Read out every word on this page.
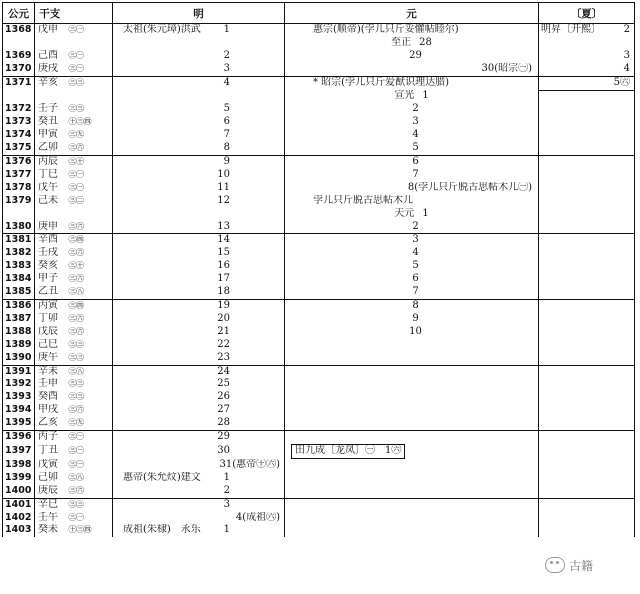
公元	干支		明	元	〔夏〕
1368	戊申	㊂㊀	太祖(朱元璋)洪武 1	惠宗(顺帝)(孛儿只斤妥懽帖睦尔)	明昇〔开熙〕 2

				至正 28	

1369	己酉	㊂㊀	2	29	3

1370	庚戌	㊂㊀	3	30(昭宗㊀)	4

1371	辛亥	㊂㊂	4	* 昭宗(孛儿只斤爱猷识理达腊)	5㊅

				宣光 1	

1372	壬子	㊂㊂	5	2	

1373	癸丑	㊉㊂㊃	6	3	

1374	甲寅	㊂㊈	7	4	

1375	乙卯	㊂㊅	8	5	

1376	丙辰	㊂㊉	9	6	

1377	丁巳	㊂㊀	10	7	

1378	戊午	㊂㊀	11	8(孛儿只斤脱古思帖木儿㊀)	

1379	己未	㊂㊁	12	孛儿只斤脱古思帖木儿	

				天元 1	

1380	庚申	㊂㊅	13	2	

1381	辛酉	㊂㊃	14	3	

1382	壬戌	㊂㊅	15	4	

1383	癸亥	㊂㊉	16	5	

1384	甲子	㊂㊅	17	6	

1385	乙丑	㊂㊇	18	7	

1386	丙寅	㊂㊃	19	8	

1387	丁卯	㊂㊅	20	9	

1388	戊辰	㊂㊅	21	10	

1389	己巳	㊂㊂	22		

1390	庚午	㊂㊂	23		

1391	辛未	㊂㊇	24		

1392	壬申	㊂㊂	25		

1393	癸酉	㊂㊂	26		

1394	甲戌	㊂㊅	27		

1395	乙亥	㊂㊈	28		

1396	丙子	㊂㊀	29		

1397	丁丑	㊂㊀	30	田九成〔龙凤〕㊀　1㊅	

1398	戊寅	㊂㊀	31(惠帝㊉㊅)		

1399	己卯	㊂㊇	惠帝(朱允炆)建文 1		

1400	庚辰	㊂㊅	2		

1401	辛巳	㊂㊂	3		

1402	壬午	㊂㊀	4(成祖㊅)		

1403	癸未	㊉㊂㊃	成祖(朱棣)　永乐 1		

古籍
